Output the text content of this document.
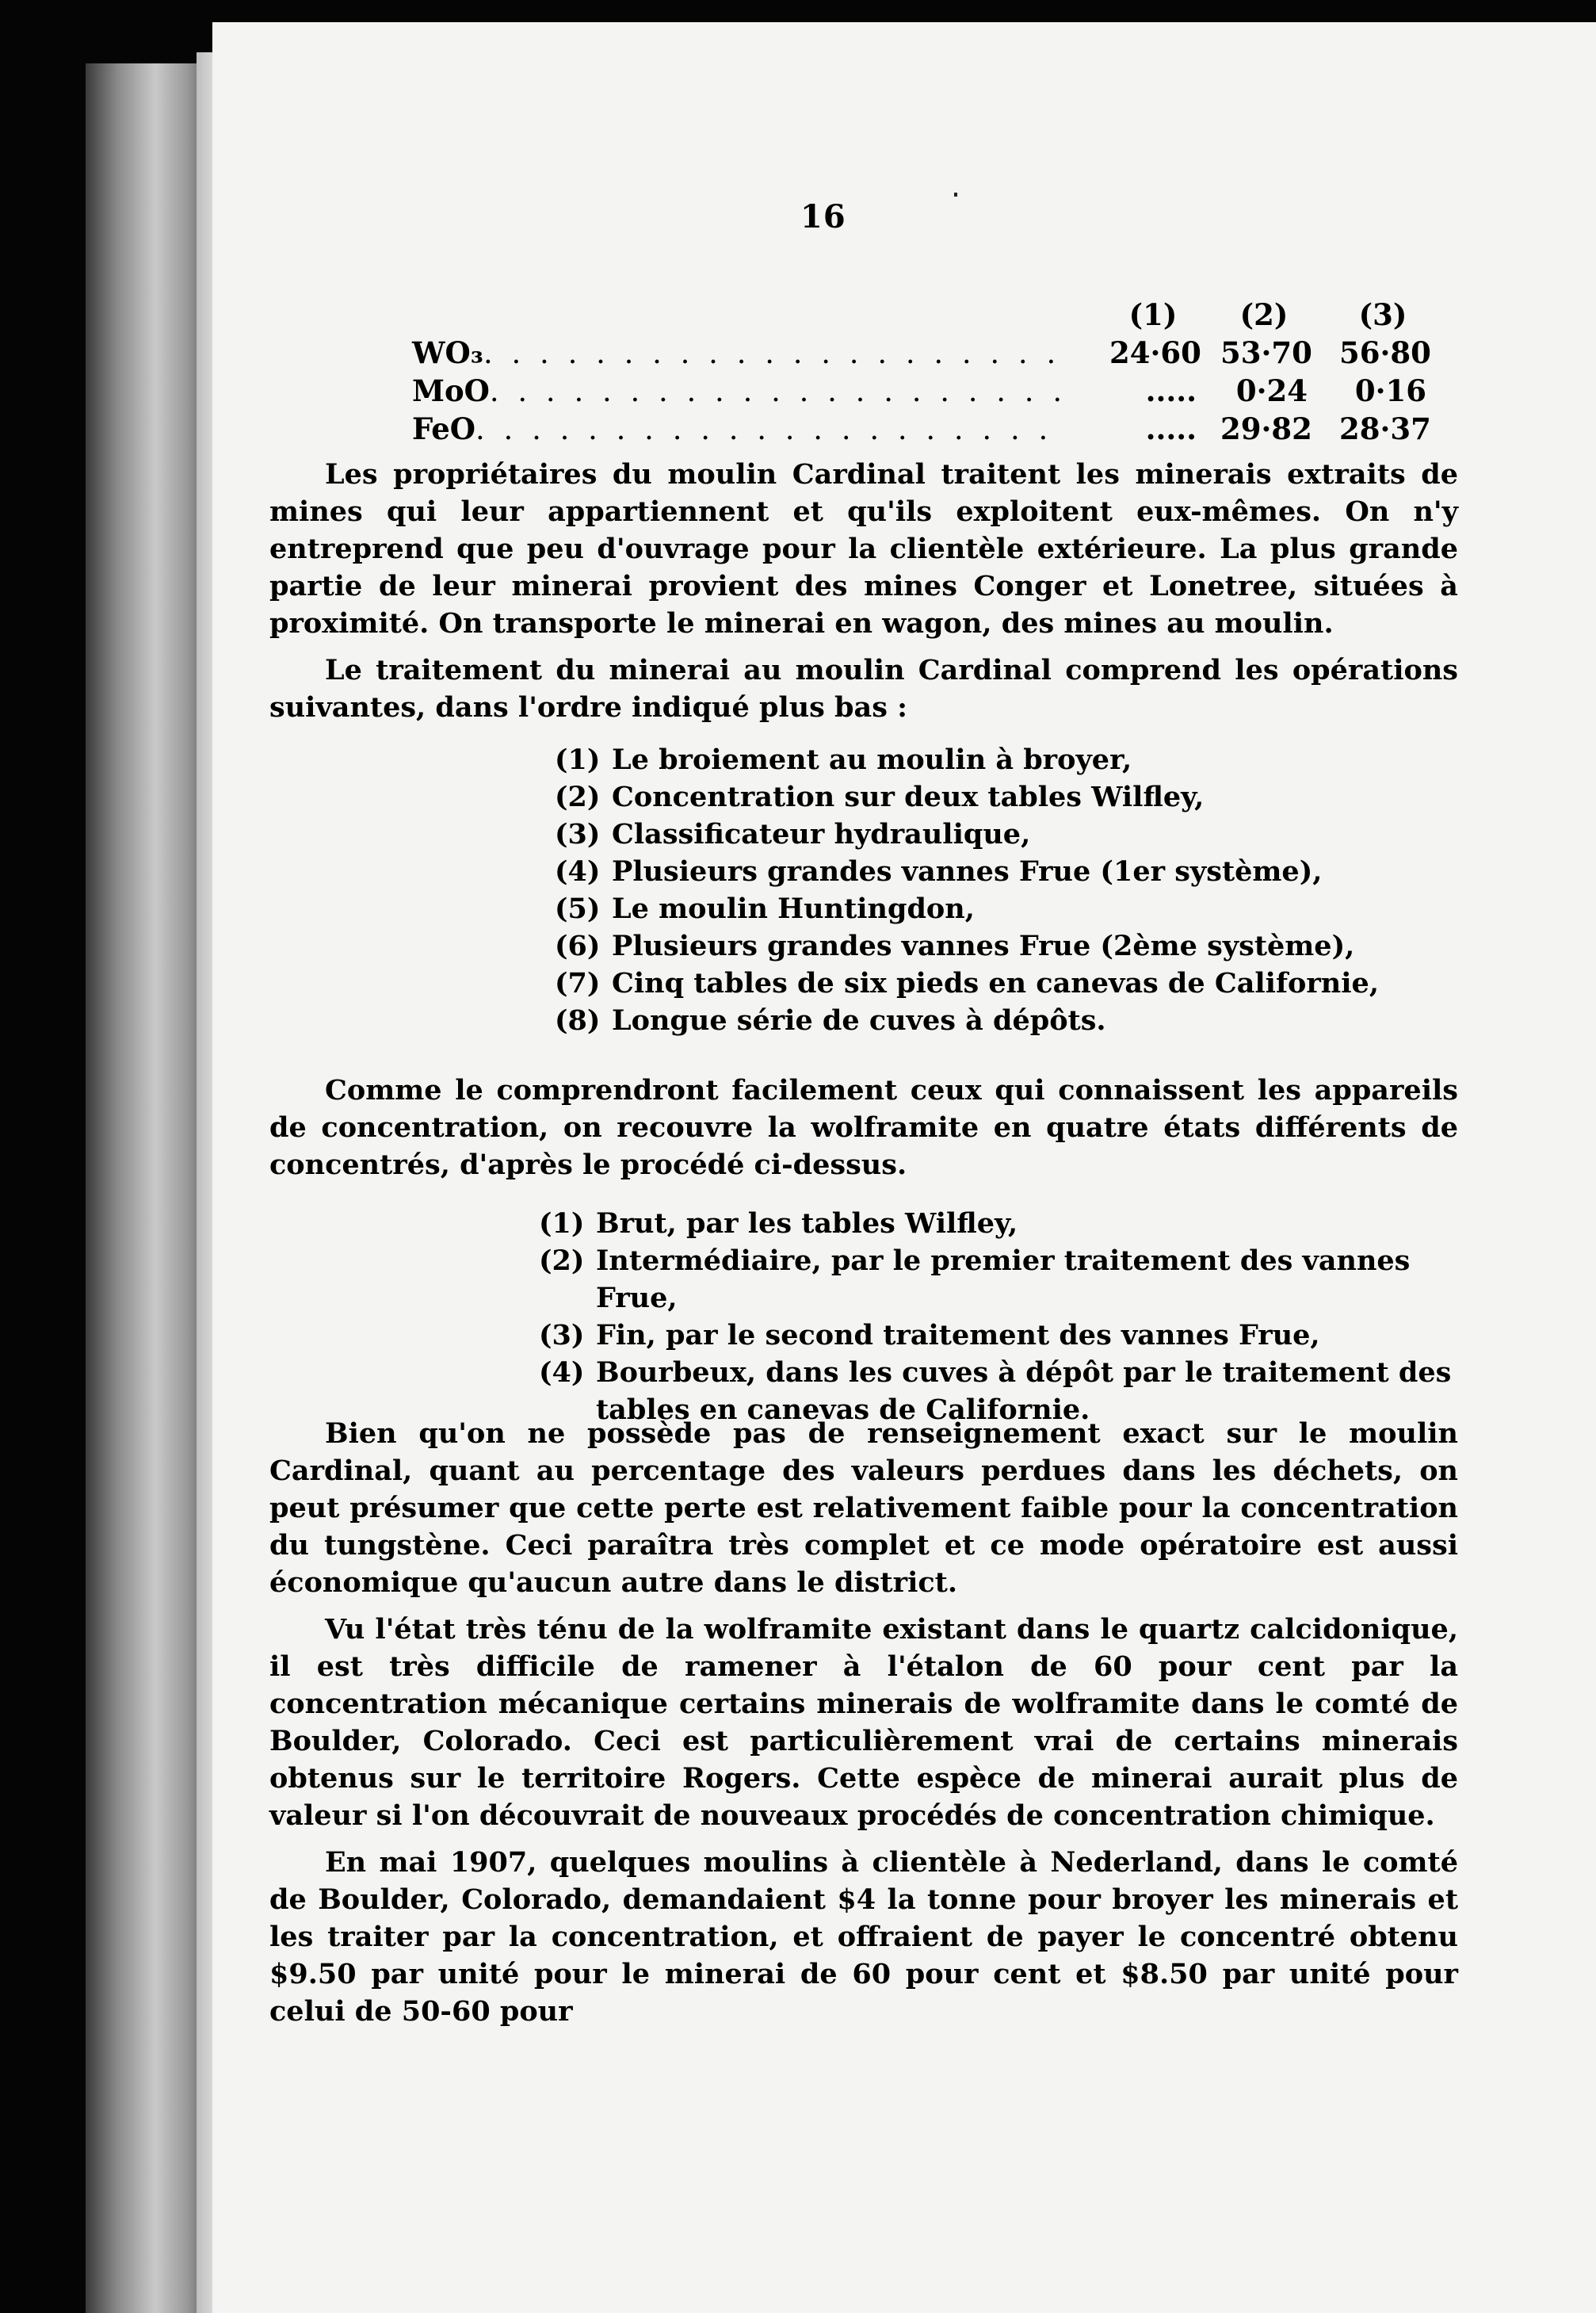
16
(1)	(2)	(3)
WO₃. . . . . . . . . . . . . . . . . . . . . 24·60 53·70 56·80
MoO. . . . . . . . . . . . . . . . . . . . .	.....	0·24	0·16
FeO. . . . . . . . . . . . . . . . . . . . .	..... 29·82 28·37

Les propriétaires du moulin Cardinal traitent les minerais extraits de mines qui leur appartiennent et qu'ils exploitent eux-mêmes. On n'y entreprend que peu d'ouvrage pour la clientèle extérieure. La plus grande partie de leur minerai provient des mines Conger et Lonetree, situées à proximité. On transporte le minerai en wagon, des mines au moulin.

Le traitement du minerai au moulin Cardinal comprend les opérations suivantes, dans l'ordre indiqué plus bas :

(1) Le broiement au moulin à broyer,
(2) Concentration sur deux tables Wilfley,
(3) Classificateur hydraulique,
(4) Plusieurs grandes vannes Frue (1er système),
(5) Le moulin Huntingdon,
(6) Plusieurs grandes vannes Frue (2ème système),
(7) Cinq tables de six pieds en canevas de Californie,
(8) Longue série de cuves à dépôts.

Comme le comprendront facilement ceux qui connaissent les appareils de concentration, on recouvre la wolframite en quatre états différents de concentrés, d'après le procédé ci-dessus.

(1) Brut, par les tables Wilfley,
(2) Intermédiaire, par le premier traitement des vannes Frue,
(3) Fin, par le second traitement des vannes Frue,
(4) Bourbeux, dans les cuves à dépôt par le traitement des tables en canevas de Californie.

Bien qu'on ne possède pas de renseignement exact sur le moulin Cardinal, quant au percentage des valeurs perdues dans les déchets, on peut présumer que cette perte est relativement faible pour la concentration du tungstène. Ceci paraîtra très complet et ce mode opératoire est aussi économique qu'aucun autre dans le district.

Vu l'état très ténu de la wolframite existant dans le quartz calcidonique, il est très difficile de ramener à l'étalon de 60 pour cent par la concentration mécanique certains minerais de wolframite dans le comté de Boulder, Colorado. Ceci est particulièrement vrai de certains minerais obtenus sur le territoire Rogers. Cette espèce de minerai aurait plus de valeur si l'on découvrait de nouveaux procédés de concentration chimique.

En mai 1907, quelques moulins à clientèle à Nederland, dans le comté de Boulder, Colorado, demandaient $4 la tonne pour broyer les minerais et les traiter par la concentration, et offraient de payer le concentré obtenu $9.50 par unité pour le minerai de 60 pour cent et $8.50 par unité pour celui de 50-60 pour
